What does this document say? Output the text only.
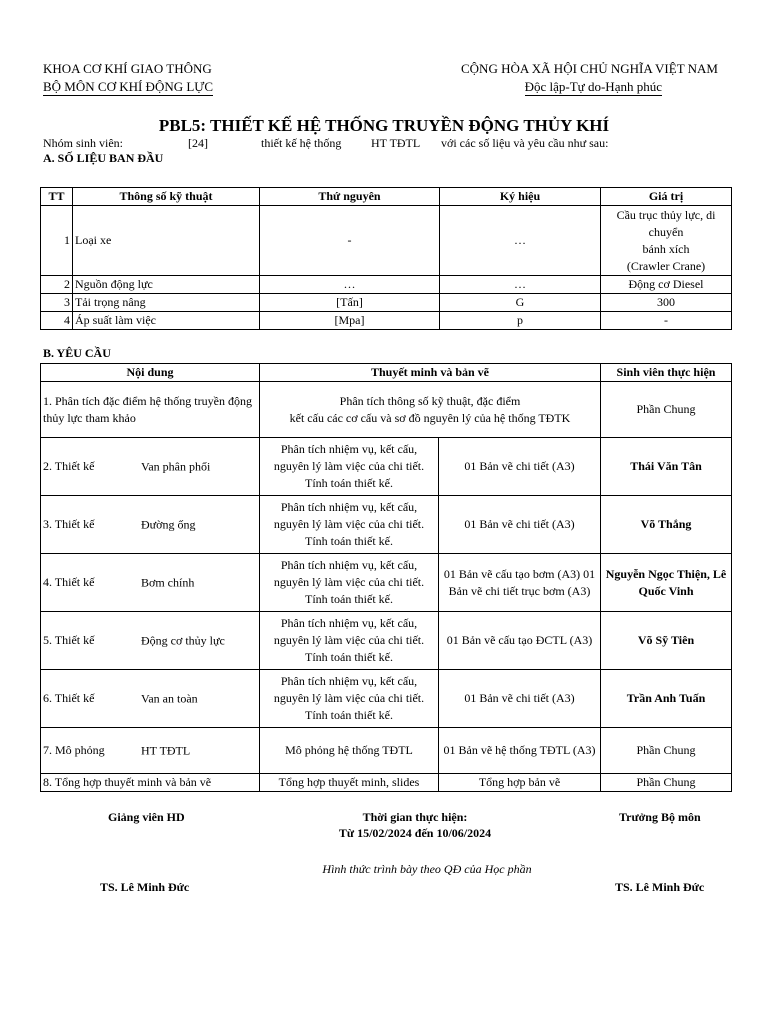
KHOA CƠ KHÍ GIAO THÔNG
BỘ MÔN CƠ KHÍ ĐỘNG LỰC
CỘNG HÒA XÃ HỘI CHỦ NGHĨA VIỆT NAM
Độc lập-Tự do-Hạnh phúc
PBL5: THIẾT KẾ HỆ THỐNG TRUYỀN ĐỘNG THỦY KHÍ
Nhóm sinh viên:	[24]	thiết kế hệ thống HT TĐTL với các số liệu và yêu cầu như sau:
A. SỐ LIỆU BAN ĐẦU
TT	Thông số kỹ thuật	Thứ nguyên	Ký hiệu	Giá trị
1	Loại xe	-	…	Cầu trục thủy lực, di
chuyển
bánh xích
(Crawler Crane)

2	Nguồn động lực	…	…	Động cơ Diesel
3	Tải trọng nâng	[Tấn]	G	300
4	Áp suất làm việc	[Mpa]	p	-
B. YÊU CẦU
Nội dung	Thuyết minh và bản vẽ		Sinh viên thực hiện
1. Phân tích đặc điểm hệ thống truyền động thủy lực tham khảo	Phân tích thông số kỹ thuật, đặc điểm
kết cấu các cơ cấu và sơ đồ nguyên lý của hệ thống TĐTK		Phần Chung
2. Thiết kế Van phân phối	Phân tích nhiệm vụ, kết cấu, nguyên lý làm việc của chi tiết. Tính toán thiết kế.	01 Bản vẽ chi tiết (A3)	Thái Văn Tân
3. Thiết kế Đường ống	Phân tích nhiệm vụ, kết cấu, nguyên lý làm việc của chi tiết. Tính toán thiết kế.	01 Bản vẽ chi tiết (A3)	Võ Thắng
4. Thiết kế Bơm chính	Phân tích nhiệm vụ, kết cấu, nguyên lý làm việc của chi tiết. Tính toán thiết kế.	01 Bản vẽ cấu tạo bơm (A3) 01 Bản vẽ chi tiết trục bơm (A3)	Nguyễn Ngọc Thiện, Lê Quốc Vinh
5. Thiết kế Động cơ thủy lực	Phân tích nhiệm vụ, kết cấu, nguyên lý làm việc của chi tiết. Tính toán thiết kế.	01 Bản vẽ cấu tạo ĐCTL (A3)	Võ Sỹ Tiên
6. Thiết kế Van an toàn	Phân tích nhiệm vụ, kết cấu, nguyên lý làm việc của chi tiết. Tính toán thiết kế.	01 Bản vẽ chi tiết (A3)	Trần Anh Tuấn
7. Mô phỏng HT TĐTL	Mô phỏng hệ thống TĐTL	01 Bản vẽ hệ thống TĐTL (A3)	Phần Chung
8. Tổng hợp thuyết minh và bản vẽ	Tổng hợp thuyết minh, slides	Tổng hợp bản vẽ	Phần Chung
Giảng viên HD	Thời gian thực hiện:
Từ 15/02/2024 đến 10/06/2024
Trưởng Bộ môn
Hình thức trình bày theo QĐ của Học phần
TS. Lê Minh Đức	TS. Lê Minh Đức
